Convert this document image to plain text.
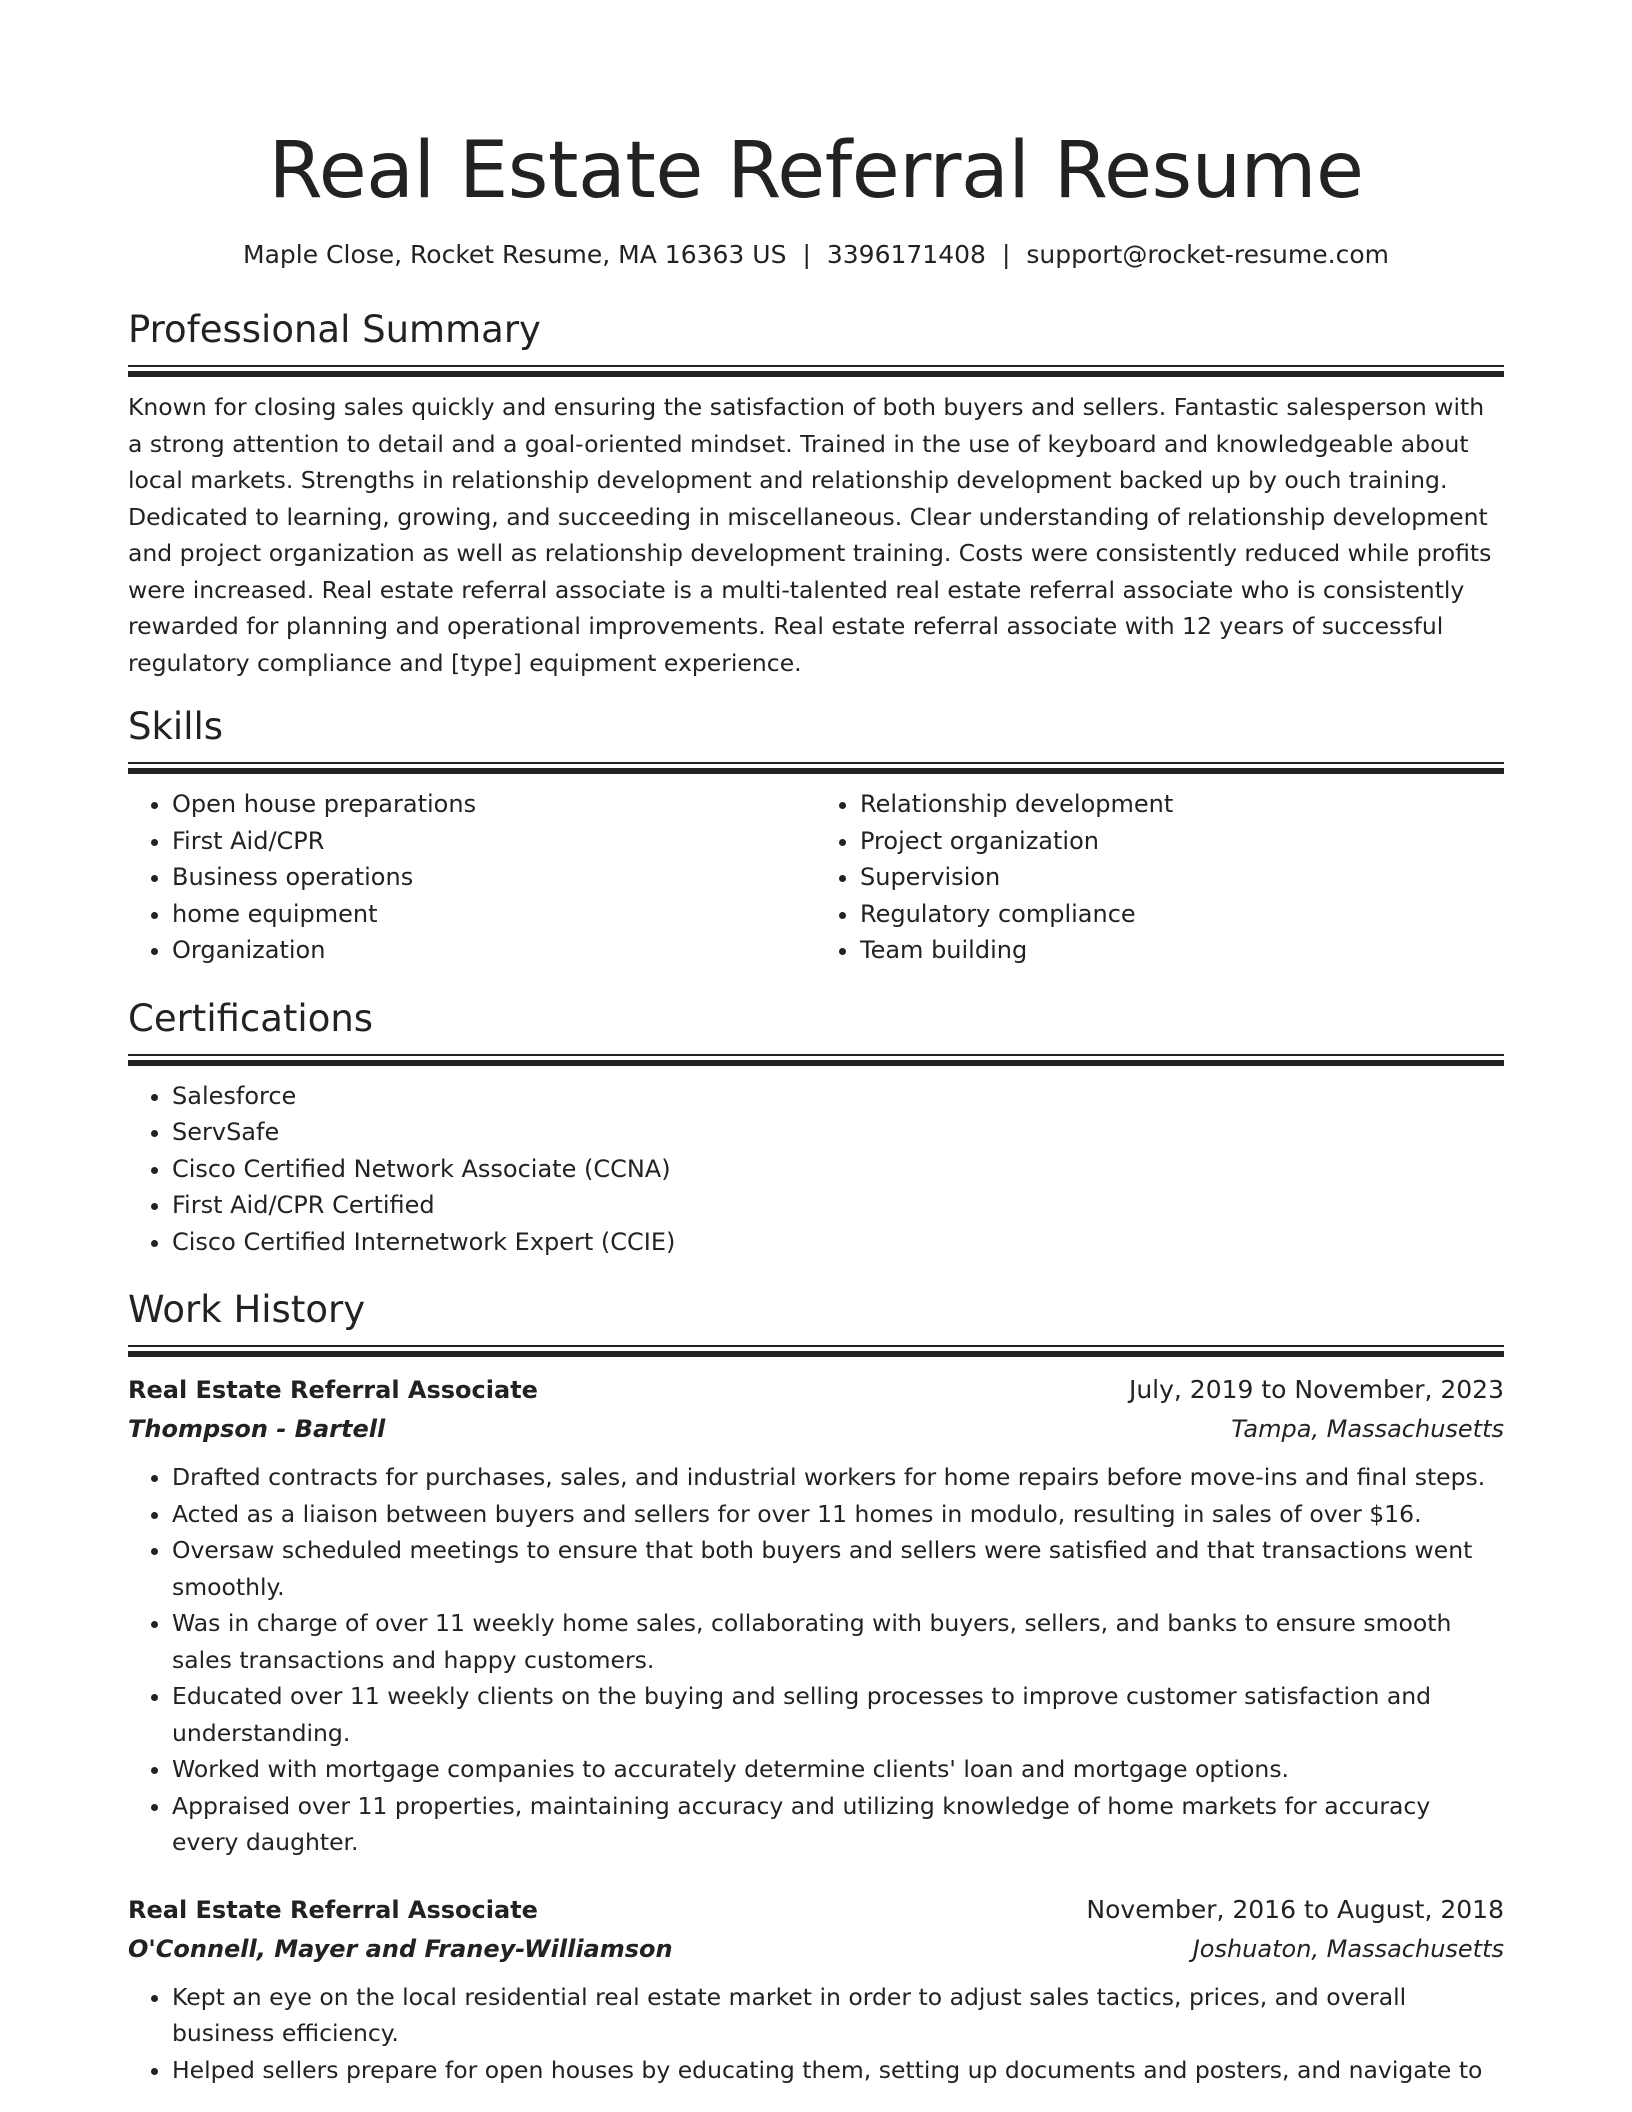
Real Estate Referral Resume
Maple Close, Rocket Resume, MA 16363 US | 3396171408 | support@rocket-resume.com
Professional Summary

Known for closing sales quickly and ensuring the satisfaction of both buyers and sellers. Fantastic salesperson with a strong attention to detail and a goal-oriented mindset. Trained in the use of keyboard and knowledgeable about local markets. Strengths in relationship development and relationship development backed up by ouch training. Dedicated to learning, growing, and succeeding in miscellaneous. Clear understanding of relationship development and project organization as well as relationship development training. Costs were consistently reduced while profits were increased. Real estate referral associate is a multi-talented real estate referral associate who is consistently rewarded for planning and operational improvements. Real estate referral associate with 12 years of successful regulatory compliance and [type] equipment experience.

Skills
• Open house preparations
• First Aid/CPR
• Business operations
• home equipment
• Organization
• Relationship development
• Project organization
• Supervision
• Regulatory compliance
• Team building
Certifications
• Salesforce
• ServSafe
• Cisco Certified Network Associate (CCNA)
• First Aid/CPR Certified
• Cisco Certified Internetwork Expert (CCIE)
Work History
Real Estate Referral Associate	July, 2019 to November, 2023
Thompson - Bartell	Tampa, Massachusetts
• Drafted contracts for purchases, sales, and industrial workers for home repairs before move-ins and final steps.
• Acted as a liaison between buyers and sellers for over 11 homes in modulo, resulting in sales of over $16.
• Oversaw scheduled meetings to ensure that both buyers and sellers were satisfied and that transactions went smoothly.
• Was in charge of over 11 weekly home sales, collaborating with buyers, sellers, and banks to ensure smooth sales transactions and happy customers.
• Educated over 11 weekly clients on the buying and selling processes to improve customer satisfaction and understanding.
• Worked with mortgage companies to accurately determine clients' loan and mortgage options.
• Appraised over 11 properties, maintaining accuracy and utilizing knowledge of home markets for accuracy every daughter.
Real Estate Referral Associate	November, 2016 to August, 2018
O'Connell, Mayer and Franey-Williamson	Joshuaton, Massachusetts
• Kept an eye on the local residential real estate market in order to adjust sales tactics, prices, and overall business efficiency.
• Helped sellers prepare for open houses by educating them, setting up documents and posters, and navigate to
